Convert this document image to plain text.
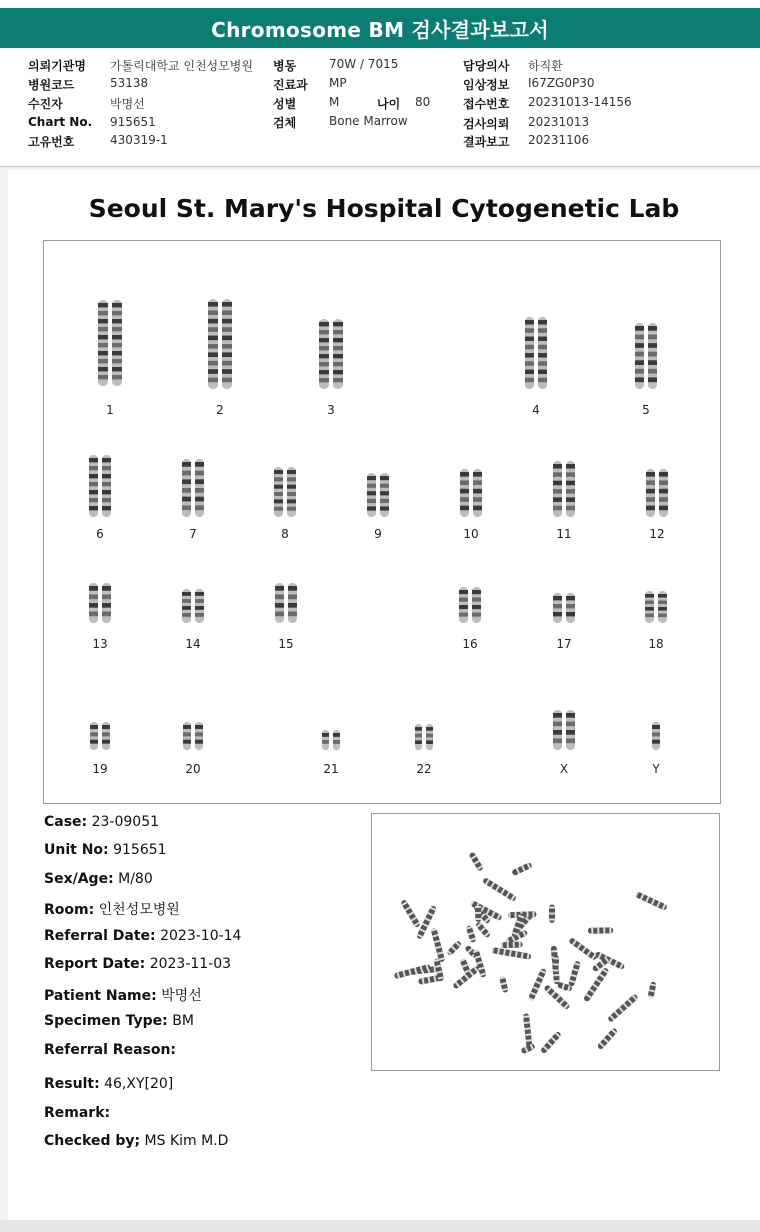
Chromosome BM 검사결과보고서
의뢰기관명 가톨릭대학교 인천성모병원
병원코드	53138
수진자	박명선
Chart No. 915651
고유번호	430319-1
병동	70W / 7015
진료과 MP
성별	M	나이 80
검체	Bone Marrow
담당의사 하직환
임상정보 I67ZG0P30
접수번호 20231013-14156
검사의뢰 20231013
결과보고 20231106
Seoul St. Mary's Hospital Cytogenetic Lab
1	2	3	4	5
6	7	8	9	10	11	12
13	14	15	16	17	18
19	20	21	22	X	Y
Case: 23-09051
Unit No: 915651
Sex/Age: M/80
Room: 인천성모병원
Referral Date: 2023-10-14
Report Date: 2023-11-03
Patient Name: 박명선
Specimen Type: BM
Referral Reason:
Result: 46,XY[20]
Remark:
Checked by; MS Kim M.D
